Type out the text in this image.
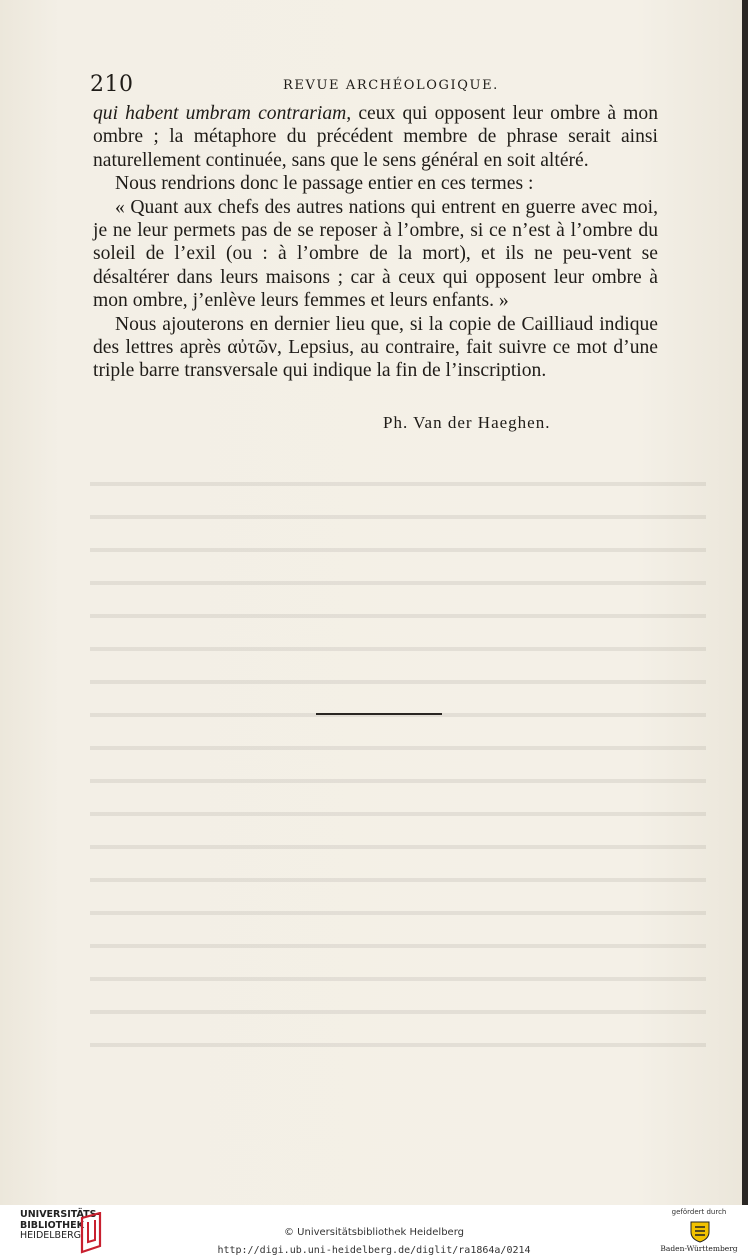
210	REVUE ARCHÉOLOGIQUE.

qui habent umbram contrariam, ceux qui opposent leur ombre à mon ombre ; la métaphore du précédent membre de phrase serait ainsi naturellement continuée, sans que le sens général en soit altéré.

Nous rendrions donc le passage entier en ces termes :

« Quant aux chefs des autres nations qui entrent en guerre avec moi, je ne leur permets pas de se reposer à l’ombre, si ce n’est à l’ombre du soleil de l’exil (ou : à l’ombre de la mort), et ils ne peu-vent se désaltérer dans leurs maisons ; car à ceux qui opposent leur ombre à mon ombre, j’enlève leurs femmes et leurs enfants. »

Nous ajouterons en dernier lieu que, si la copie de Cailliaud indique des lettres après αὐτῶν, Lepsius, au contraire, fait suivre ce mot d’une triple barre transversale qui indique la fin de l’inscription.

Ph. Van der Haeghen.
UNIVERSITÄTS-
BIBLIOTHEK
HEIDELBERG	© Universitätsbibliothek Heidelberg
http://digi.ub.uni-heidelberg.de/diglit/ra1864a/0214
gefördert durch
Baden-Württemberg
